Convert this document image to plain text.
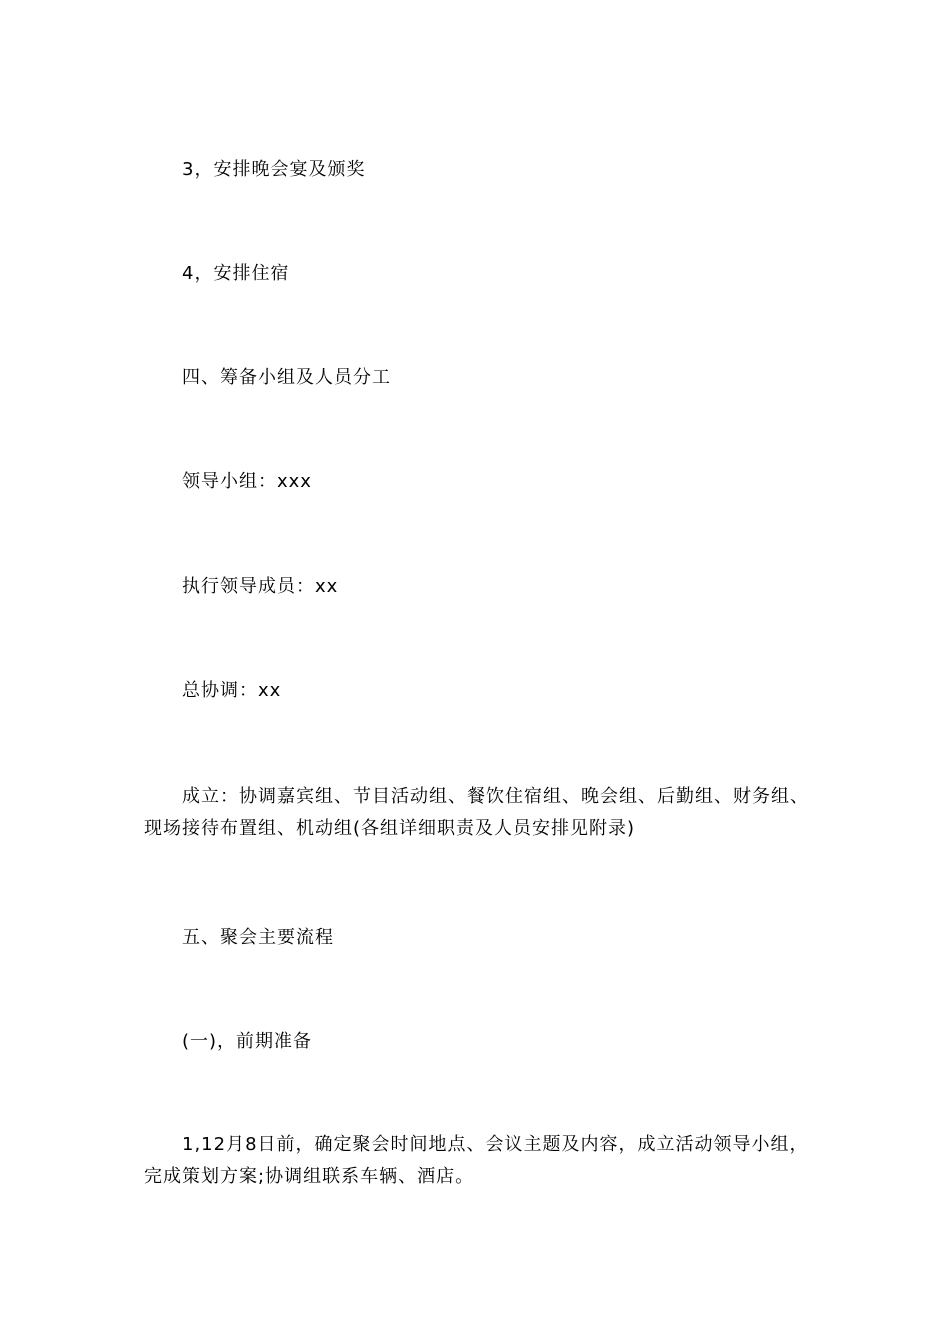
3，安排晚会宴及颁奖

4，安排住宿

四、筹备小组及人员分工

领导小组：xxx

执行领导成员：xx

总协调：xx

成立：协调嘉宾组、节目活动组、餐饮住宿组、晚会组、后勤组、财务组、现场接待布置组、机动组(各组详细职责及人员安排见附录)

五、聚会主要流程

(一)，前期准备

1,12月8日前，确定聚会时间地点、会议主题及内容，成立活动领导小组，完成策划方案;协调组联系车辆、酒店。
